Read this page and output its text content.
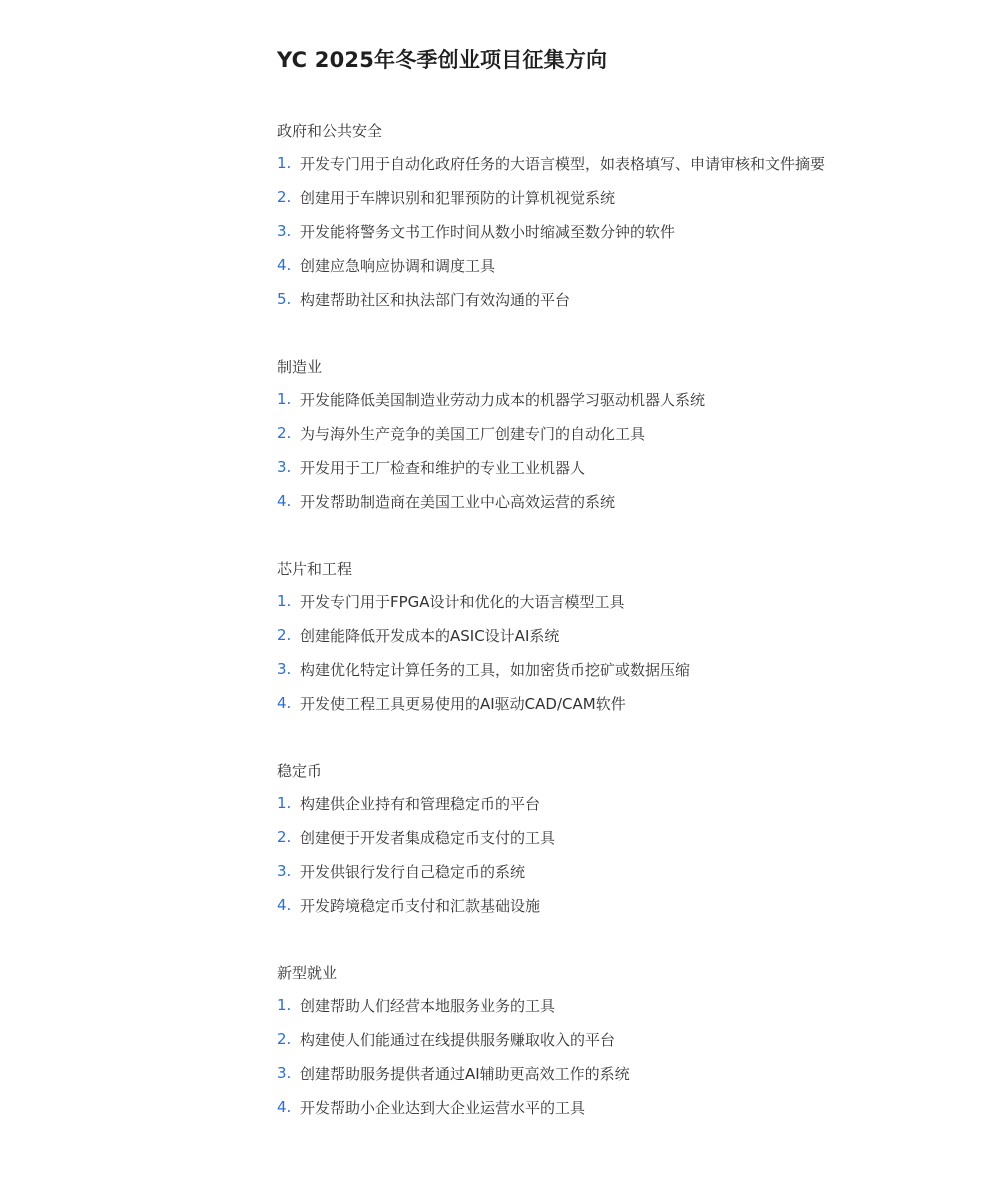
YC 2025年冬季创业项目征集方向
政府和公共安全
1. 开发专门用于自动化政府任务的大语言模型，如表格填写、申请审核和文件摘要
2. 创建用于车牌识别和犯罪预防的计算机视觉系统
3. 开发能将警务文书工作时间从数小时缩减至数分钟的软件
4. 创建应急响应协调和调度工具
5. 构建帮助社区和执法部门有效沟通的平台
制造业
1. 开发能降低美国制造业劳动力成本的机器学习驱动机器人系统
2. 为与海外生产竞争的美国工厂创建专门的自动化工具
3. 开发用于工厂检查和维护的专业工业机器人
4. 开发帮助制造商在美国工业中心高效运营的系统
芯片和工程
1. 开发专门用于FPGA设计和优化的大语言模型工具
2. 创建能降低开发成本的ASIC设计AI系统
3. 构建优化特定计算任务的工具，如加密货币挖矿或数据压缩
4. 开发使工程工具更易使用的AI驱动CAD/CAM软件
稳定币
1. 构建供企业持有和管理稳定币的平台
2. 创建便于开发者集成稳定币支付的工具
3. 开发供银行发行自己稳定币的系统
4. 开发跨境稳定币支付和汇款基础设施
新型就业
1. 创建帮助人们经营本地服务业务的工具
2. 构建使人们能通过在线提供服务赚取收入的平台
3. 创建帮助服务提供者通过AI辅助更高效工作的系统
4. 开发帮助小企业达到大企业运营水平的工具
